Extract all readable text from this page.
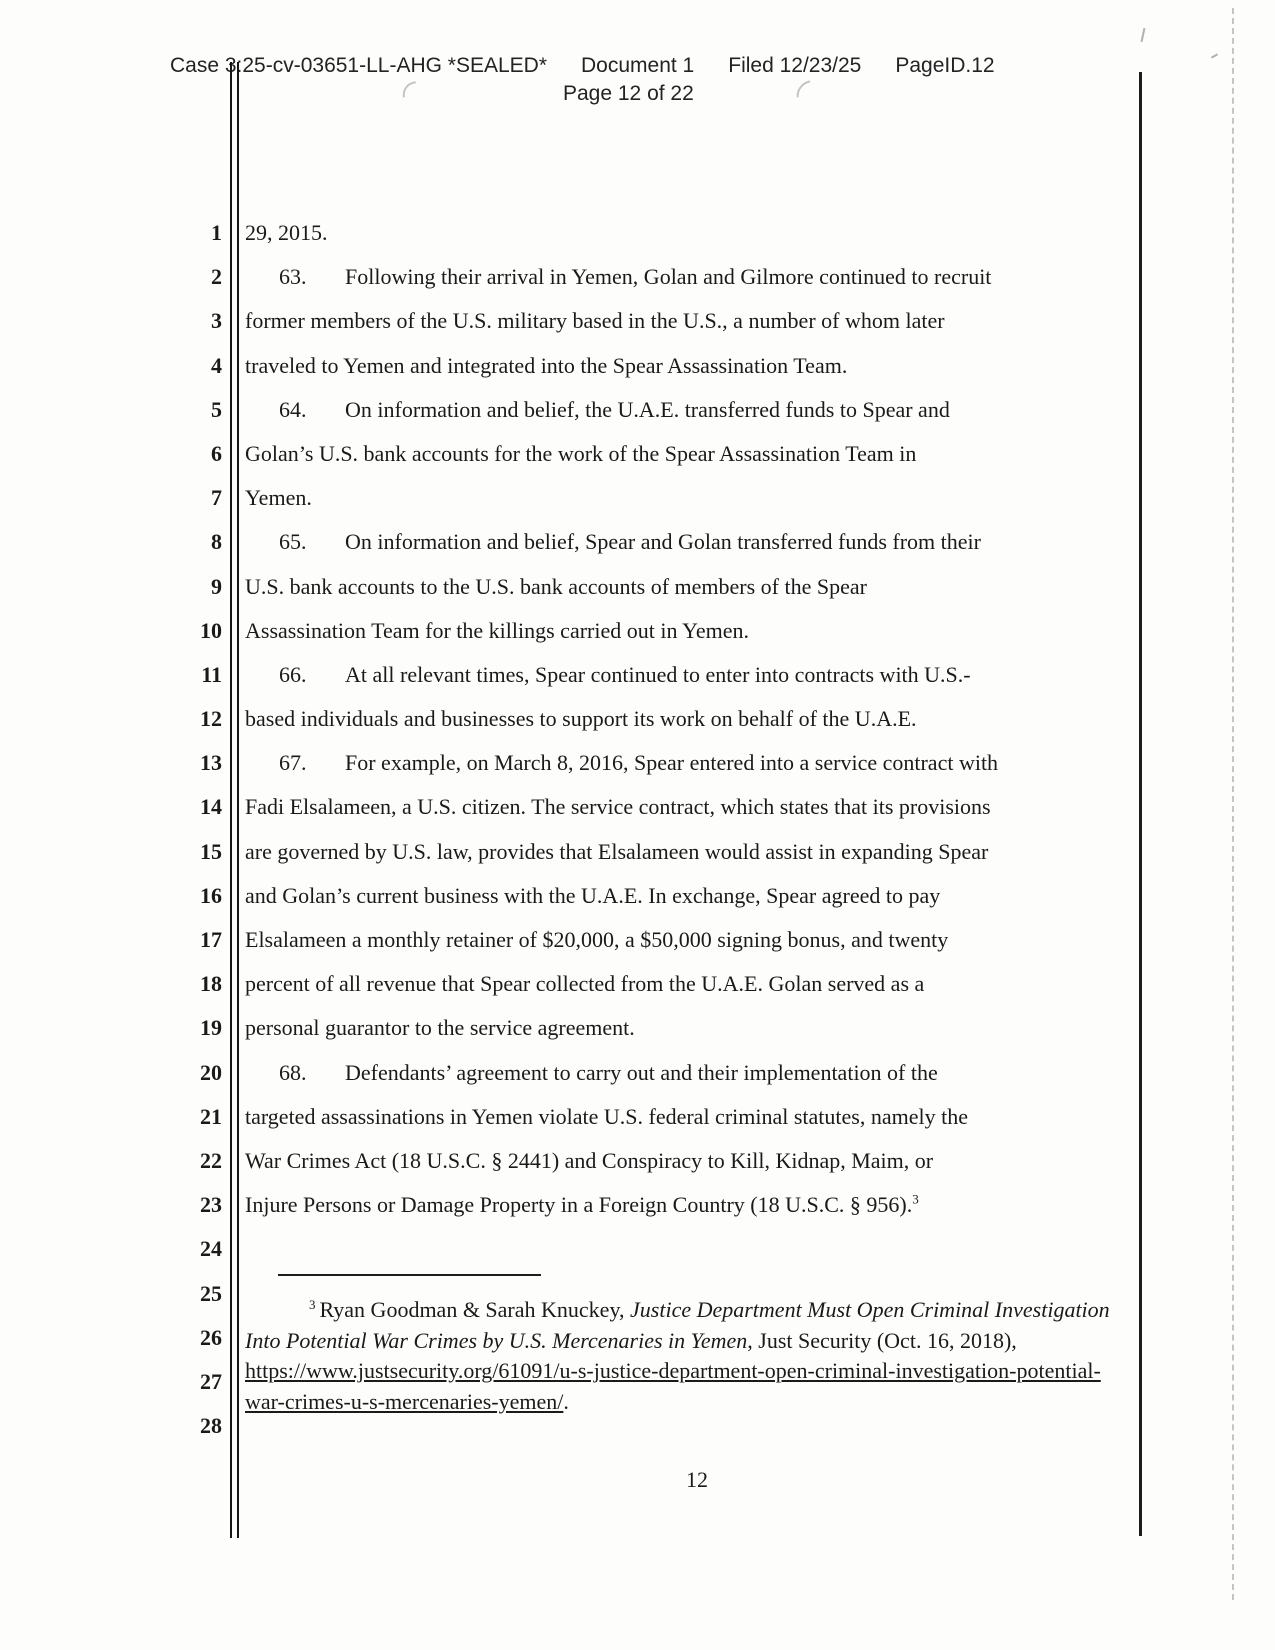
Case 3:25-cv-03651-LL-AHG *SEALED* Document 1 Filed 12/23/25 PageID.12
Page 12 of 22
1
2
3
4
5
6
7
8
9
10
11
12
13
14
15
16
17
18
19
20
21
22
23
24
25
26
27
28
29, 2015.
63. Following their arrival in Yemen, Golan and Gilmore continued to recruit
former members of the U.S. military based in the U.S., a number of whom later
traveled to Yemen and integrated into the Spear Assassination Team.
64. On information and belief, the U.A.E. transferred funds to Spear and
Golan’s U.S. bank accounts for the work of the Spear Assassination Team in
Yemen.
65. On information and belief, Spear and Golan transferred funds from their
U.S. bank accounts to the U.S. bank accounts of members of the Spear
Assassination Team for the killings carried out in Yemen.
66. At all relevant times, Spear continued to enter into contracts with U.S.-
based individuals and businesses to support its work on behalf of the U.A.E.
67. For example, on March 8, 2016, Spear entered into a service contract with
Fadi Elsalameen, a U.S. citizen. The service contract, which states that its provisions
are governed by U.S. law, provides that Elsalameen would assist in expanding Spear
and Golan’s current business with the U.A.E. In exchange, Spear agreed to pay
Elsalameen a monthly retainer of $20,000, a $50,000 signing bonus, and twenty
percent of all revenue that Spear collected from the U.A.E. Golan served as a
personal guarantor to the service agreement.
68. Defendants’ agreement to carry out and their implementation of the
targeted assassinations in Yemen violate U.S. federal criminal statutes, namely the
War Crimes Act (18 U.S.C. § 2441) and Conspiracy to Kill, Kidnap, Maim, or
Injure Persons or Damage Property in a Foreign Country (18 U.S.C. § 956).$^3$
$^3$ Ryan Goodman & Sarah Knuckey, Justice Department Must Open Criminal Investigation Into Potential War Crimes by U.S. Mercenaries in Yemen, Just Security (Oct. 16, 2018), https://www.justsecurity.org/61091/u-s-justice-department-open-criminal-investigation-potential-war-crimes-u-s-mercenaries-yemen/.
12
